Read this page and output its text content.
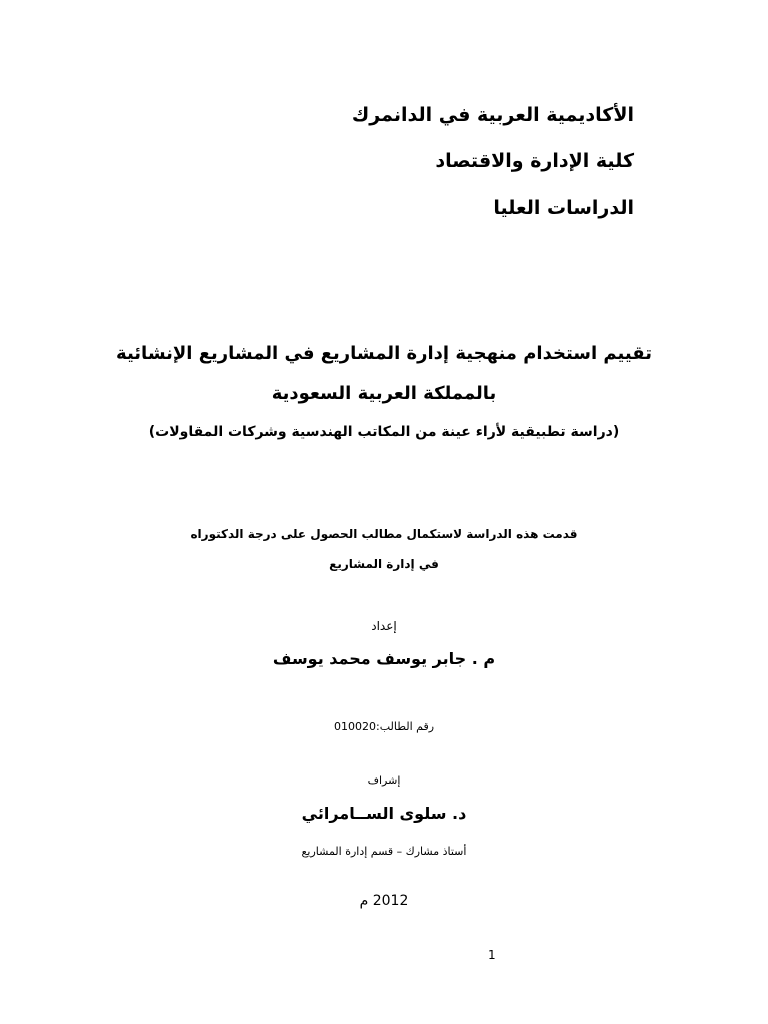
الأكاديمية العربية في الدانمرك
كلية الإدارة والاقتصاد
الدراسات العليا
تقييم استخدام منهجية إدارة المشاريع في المشاريع الإنشائية
بالمملكة العربية السعودية
(دراسة تطبيقية لأراء عينة من المكاتب الهندسية وشركات المقاولات)
قدمت هذه الدراسة لاستكمال مطالب الحصول على درجة الدكتوراه
في إدارة المشاريع
إعداد
م . جابر يوسف محمد يوسف
رقم الطالب:010020
إشراف
د. سلوى الســامرائي
أستاذ مشارك – قسم إدارة المشاريع
2012 م
1
